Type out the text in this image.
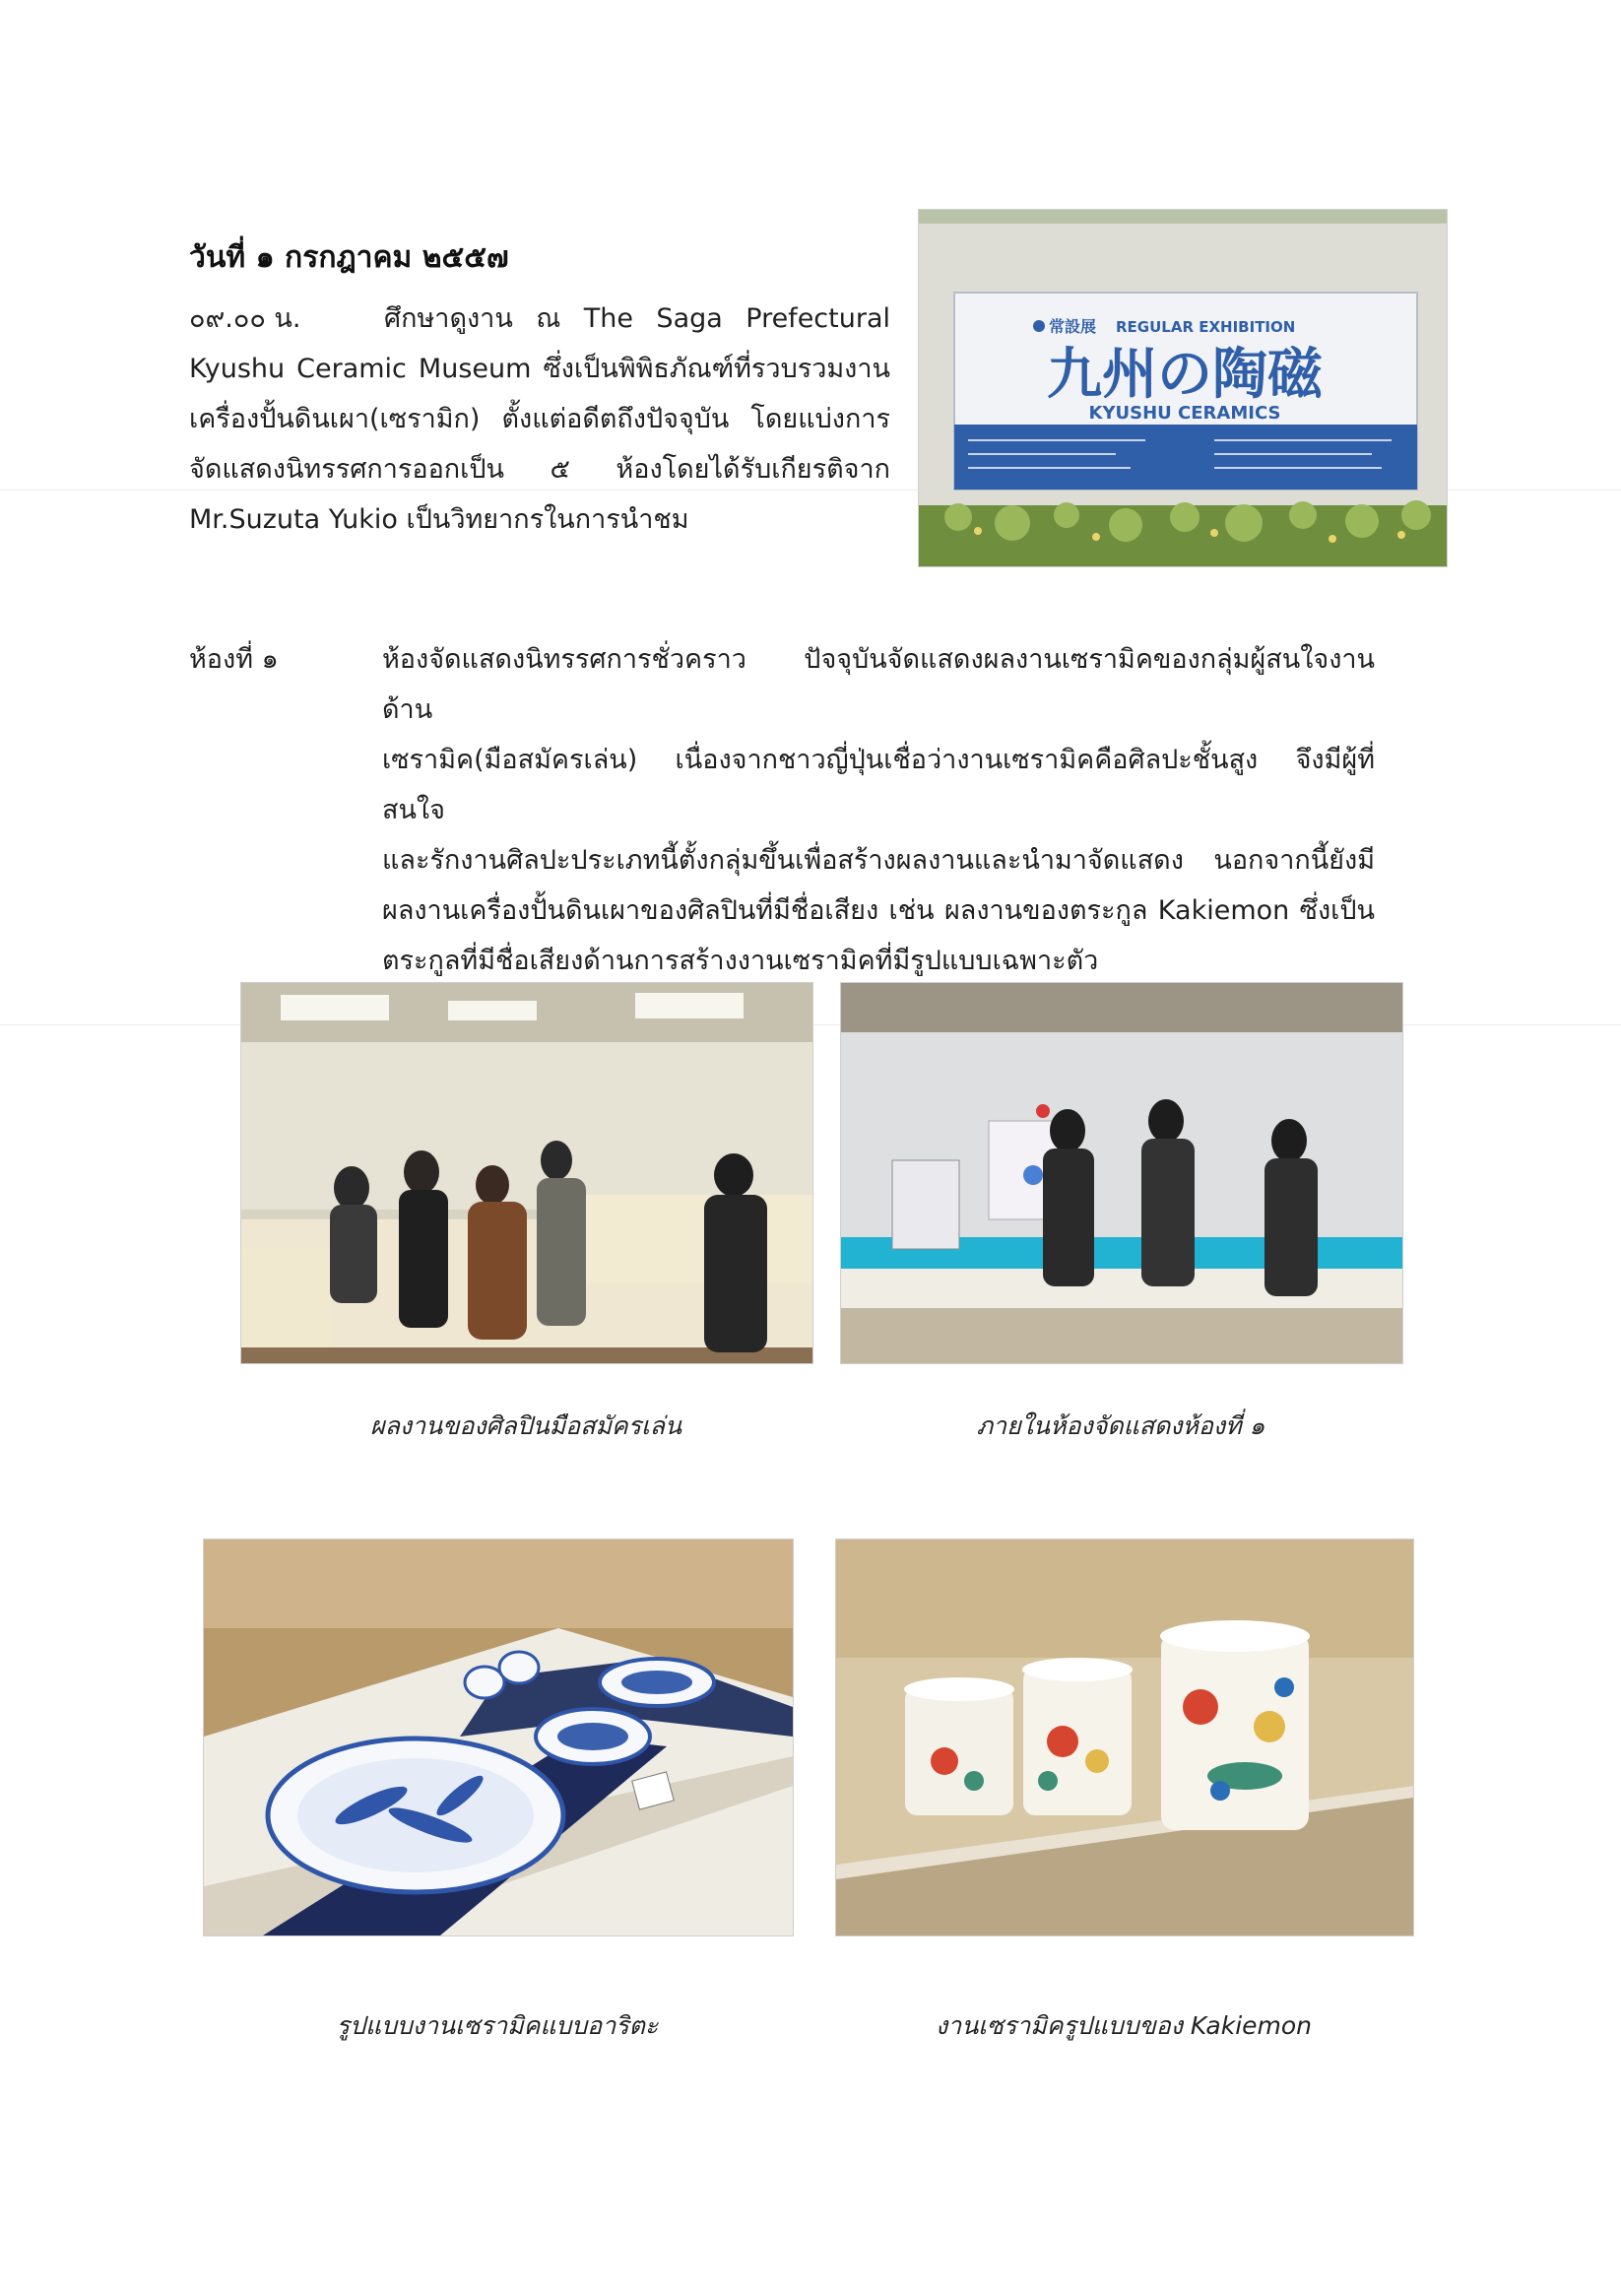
วันที่ ๑ กรกฎาคม ๒๕๕๗

๐๙.๐๐ น.	ศึกษาดูงาน ณ The Saga Prefectural

Kyushu Ceramic Museum ซึ่งเป็นพิพิธภัณฑ์ที่รวบรวมงาน

เครื่องปั้นดินเผา(เซรามิก) ตั้งแต่อดีตถึงปัจจุบัน โดยแบ่งการ

จัดแสดงนิทรรศการออกเป็น ๕ ห้องโดยได้รับเกียรติจาก

Mr.Suzuta Yukio เป็นวิทยากรในการนำชม

常設展 REGULAR EXHIBITION
九州の陶磁
KYUSHU CERAMICS
ห้องที่ ๑	ห้องจัดแสดงนิทรรศการชั่วคราว ปัจจุบันจัดแสดงผลงานเซรามิคของกลุ่มผู้สนใจงานด้าน

เซรามิค(มือสมัครเล่น) เนื่องจากชาวญี่ปุ่นเชื่อว่างานเซรามิคคือศิลปะชั้นสูง จึงมีผู้ที่สนใจ

และรักงานศิลปะประเภทนี้ตั้งกลุ่มขึ้นเพื่อสร้างผลงานและนำมาจัดแสดง นอกจากนี้ยังมี

ผลงานเครื่องปั้นดินเผาของศิลปินที่มีชื่อเสียง เช่น ผลงานของตระกูล Kakiemon ซึ่งเป็น

ตระกูลที่มีชื่อเสียงด้านการสร้างงานเซรามิคที่มีรูปแบบเฉพาะตัว

ผลงานของศิลปินมือสมัครเล่น	ภายในห้องจัดแสดงห้องที่ ๑
รูปแบบงานเซรามิคแบบอาริตะ	งานเซรามิครูปแบบของ Kakiemon
